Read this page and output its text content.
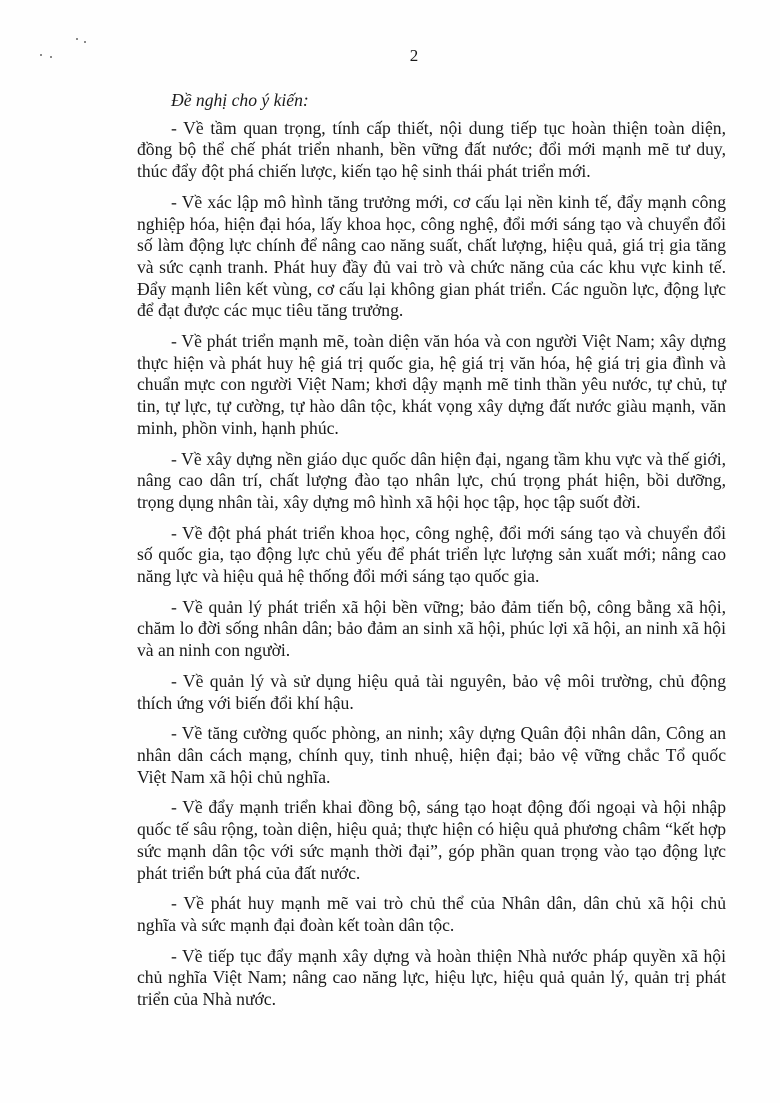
2

Đề nghị cho ý kiến:

- Về tầm quan trọng, tính cấp thiết, nội dung tiếp tục hoàn thiện toàn diện, đồng bộ thể chế phát triển nhanh, bền vững đất nước; đổi mới mạnh mẽ tư duy, thúc đẩy đột phá chiến lược, kiến tạo hệ sinh thái phát triển mới.

- Về xác lập mô hình tăng trưởng mới, cơ cấu lại nền kinh tế, đẩy mạnh công nghiệp hóa, hiện đại hóa, lấy khoa học, công nghệ, đổi mới sáng tạo và chuyển đổi số làm động lực chính để nâng cao năng suất, chất lượng, hiệu quả, giá trị gia tăng và sức cạnh tranh. Phát huy đầy đủ vai trò và chức năng của các khu vực kinh tế. Đẩy mạnh liên kết vùng, cơ cấu lại không gian phát triển. Các nguồn lực, động lực để đạt được các mục tiêu tăng trưởng.

- Về phát triển mạnh mẽ, toàn diện văn hóa và con người Việt Nam; xây dựng thực hiện và phát huy hệ giá trị quốc gia, hệ giá trị văn hóa, hệ giá trị gia đình và chuẩn mực con người Việt Nam; khơi dậy mạnh mẽ tinh thần yêu nước, tự chủ, tự tin, tự lực, tự cường, tự hào dân tộc, khát vọng xây dựng đất nước giàu mạnh, văn minh, phồn vinh, hạnh phúc.

- Về xây dựng nền giáo dục quốc dân hiện đại, ngang tầm khu vực và thế giới, nâng cao dân trí, chất lượng đào tạo nhân lực, chú trọng phát hiện, bồi dưỡng, trọng dụng nhân tài, xây dựng mô hình xã hội học tập, học tập suốt đời.

- Về đột phá phát triển khoa học, công nghệ, đổi mới sáng tạo và chuyển đổi số quốc gia, tạo động lực chủ yếu để phát triển lực lượng sản xuất mới; nâng cao năng lực và hiệu quả hệ thống đổi mới sáng tạo quốc gia.

- Về quản lý phát triển xã hội bền vững; bảo đảm tiến bộ, công bằng xã hội, chăm lo đời sống nhân dân; bảo đảm an sinh xã hội, phúc lợi xã hội, an ninh xã hội và an ninh con người.

- Về quản lý và sử dụng hiệu quả tài nguyên, bảo vệ môi trường, chủ động thích ứng với biến đổi khí hậu.

- Về tăng cường quốc phòng, an ninh; xây dựng Quân đội nhân dân, Công an nhân dân cách mạng, chính quy, tinh nhuệ, hiện đại; bảo vệ vững chắc Tổ quốc Việt Nam xã hội chủ nghĩa.

- Về đẩy mạnh triển khai đồng bộ, sáng tạo hoạt động đối ngoại và hội nhập quốc tế sâu rộng, toàn diện, hiệu quả; thực hiện có hiệu quả phương châm “kết hợp sức mạnh dân tộc với sức mạnh thời đại”, góp phần quan trọng vào tạo động lực phát triển bứt phá của đất nước.

- Về phát huy mạnh mẽ vai trò chủ thể của Nhân dân, dân chủ xã hội chủ nghĩa và sức mạnh đại đoàn kết toàn dân tộc.

- Về tiếp tục đẩy mạnh xây dựng và hoàn thiện Nhà nước pháp quyền xã hội chủ nghĩa Việt Nam; nâng cao năng lực, hiệu lực, hiệu quả quản lý, quản trị phát triển của Nhà nước.
